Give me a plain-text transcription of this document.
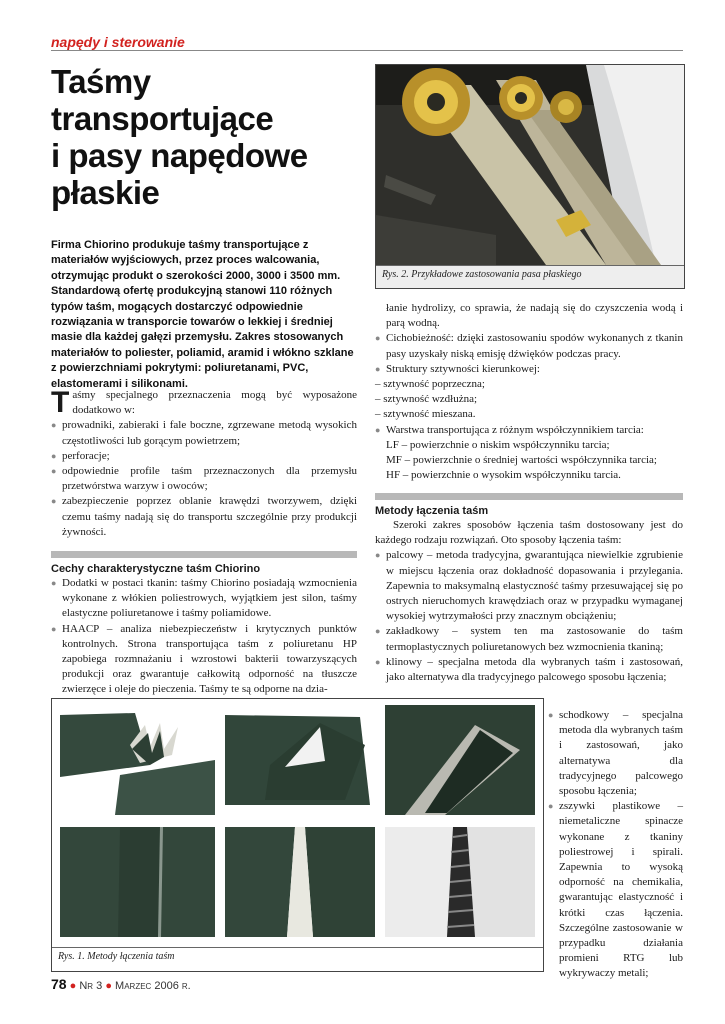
napędy i sterowanie
Taśmy
transportujące
i pasy napędowe
płaskie
Firma Chiorino produkuje taśmy transportujące z materiałów wyjściowych, przez proces walcowania, otrzymując produkt o szerokości 2000, 3000 i 3500 mm. Standardową ofertę produkcyjną stanowi 110 różnych typów taśm, mogących dostarczyć odpowiednie rozwiązania w transporcie towarów o lekkiej i średniej masie dla każdej gałęzi przemysłu. Zakres stosowanych materiałów to poliester, poliamid, aramid i włókno szklane z powierzchniami pokrytymi: poliuretanami, PVC, elastomerami i silikonami.

Taśmy specjalnego przeznaczenia mogą być wyposażone dodatkowo w:

● prowadniki, zabieraki i fale boczne, zgrzewane metodą wysokich częstotliwości lub gorącym powietrzem;

● perforacje;

● odpowiednie profile taśm przeznaczonych dla przemysłu przetwórstwa warzyw i owoców;

● zabezpieczenie poprzez oblanie krawędzi tworzywem, dzięki czemu taśmy nadają się do transportu szczególnie przy produkcji żywności.

Cechy charakterystyczne taśm Chiorino

● Dodatki w postaci tkanin: taśmy Chiorino posiadają wzmocnienia wykonane z włókien poliestrowych, wyjątkiem jest silon, taśmy elastyczne poliuretanowe i taśmy poliamidowe.

● HAACP – analiza niebezpieczeństw i krytycznych punktów kontrolnych. Strona transportująca taśm z poliuretanu HP zapobiega rozmnażaniu i wzrostowi bakterii towarzyszących produkcji oraz gwarantuje całkowitą odporność na tłuszcze zwierzęce i oleje do pieczenia. Taśmy te są odporne na dzia-

Rys. 2. Przykładowe zastosowania pasa płaskiego

łanie hydrolizy, co sprawia, że nadają się do czyszczenia wodą i parą wodną.

● Cichobieżność: dzięki zastosowaniu spodów wykonanych z tkanin pasy uzyskały niską emisję dźwięków podczas pracy.

● Struktury sztywności kierunkowej:

– sztywność poprzeczna;

– sztywność wzdłużna;

– sztywność mieszana.

● Warstwa transportująca z różnym współczynnikiem tarcia:

LF – powierzchnie o niskim współczynniku tarcia;

MF – powierzchnie o średniej wartości współczynnika tarcia;

HF – powierzchnie o wysokim współczynniku tarcia.

Metody łączenia taśm

Szeroki zakres sposobów łączenia taśm dostosowany jest do każdego rodzaju rozwiązań. Oto sposoby łączenia taśm:

● palcowy – metoda tradycyjna, gwarantująca niewielkie zgrubienie w miejscu łączenia oraz dokładność dopasowania i przylegania. Zapewnia to maksymalną elastyczność taśmy przesuwającej się po ostrych nieruchomych krawędziach oraz w przypadku wymaganej wysokiej wytrzymałości przy znacznym obciążeniu;

● zakładkowy – system ten ma zastosowanie do taśm termoplastycznych poliuretanowych bez wzmocnienia tkaniną;

● klinowy – specjalna metoda dla wybranych taśm i zastosowań, jako alternatywa dla tradycyjnego palcowego sposobu łączenia;

● schodkowy – specjalna metoda dla wybranych taśm i zastosowań, jako alternatywa dla tradycyjnego palcowego sposobu łączenia;

● zszywki plastikowe – niemetaliczne spinacze wykonane z tkaniny poliestrowej i spirali. Zapewnia to wysoką odporność na chemikalia, gwarantując elastyczność i krótki czas łączenia. Szczególne zastosowanie w przypadku działania promieni RTG lub wykrywaczy metali;

Rys. 1. Metody łączenia taśm
78 ● Nr 3 ● Marzec 2006 r.
